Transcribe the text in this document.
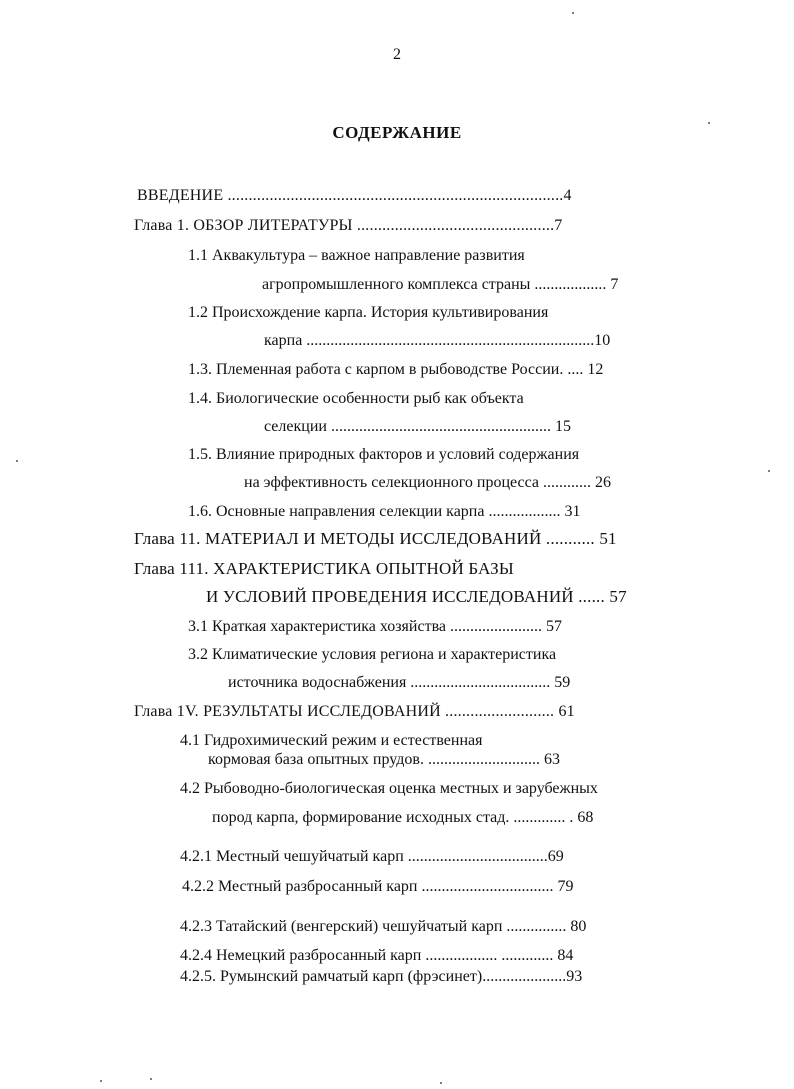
2
СОДЕРЖАНИЕ
ВВЕДЕНИЕ ................................................................................4
Глава 1. ОБЗОР ЛИТЕРАТУРЫ ...............................................7
1.1 Аквакультура – важное направление развития
агропромышленного комплекса страны .................. 7
1.2 Происхождение карпа. История культивирования
карпа ........................................................................10
1.3. Племенная работа с карпом в рыбоводстве России. .... 12
1.4. Биологические особенности рыб как объекта
селекции ....................................................... 15
1.5. Влияние природных факторов и условий содержания
на эффективность селекционного процесса ............ 26
1.6. Основные направления селекции карпа .................. 31
Глава 11. МАТЕРИАЛ И МЕТОДЫ ИССЛЕДОВАНИЙ ........... 51
Глава 111. ХАРАКТЕРИСТИКА ОПЫТНОЙ БАЗЫ
И УСЛОВИЙ ПРОВЕДЕНИЯ ИССЛЕДОВАНИЙ ...... 57
3.1 Краткая характеристика хозяйства ....................... 57
3.2 Климатические условия региона и характеристика
источника водоснабжения ................................... 59
Глава 1V. РЕЗУЛЬТАТЫ ИССЛЕДОВАНИЙ .......................... 61
4.1 Гидрохимический режим и естественная
кормовая база опытных прудов. ............................ 63
4.2 Рыбоводно-биологическая оценка местных и зарубежных
пород карпа, формирование исходных стад. ............. . 68
4.2.1 Местный чешуйчатый карп ...................................69
4.2.2 Местный разбросанный карп ................................. 79
4.2.3 Татайский (венгерский) чешуйчатый карп ............... 80
4.2.4 Немецкий разбросанный карп .................. ............. 84
4.2.5. Румынский рамчатый карп (фрэсинет).....................93
